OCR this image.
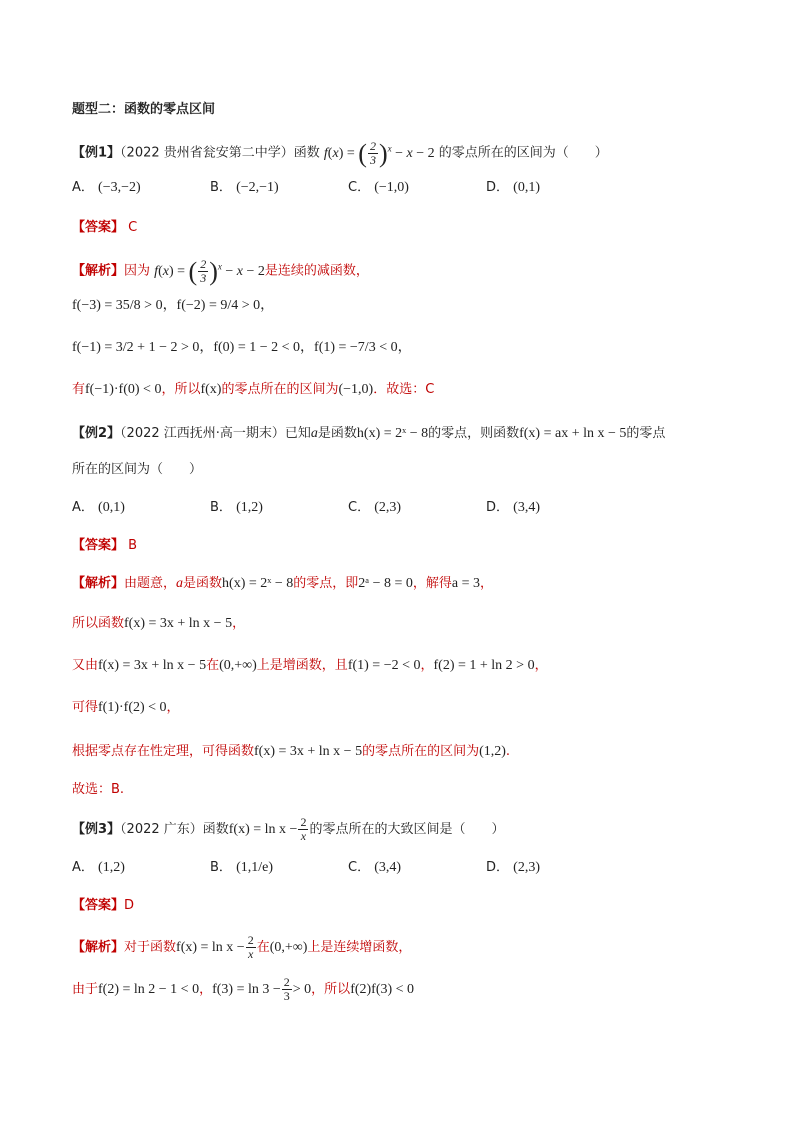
题型二：函数的零点区间
【例1】（2022 贵州省瓮安第二中学）函数 f(x) = ( $\frac{2}{3} )^x - x - 2$ 的零点所在的区间为（　　）
A． (−3,−2)	B． (−2,−1)	C． (−1,0)	D． (0,1)
【答案】 C
【解析】因为 f(x) = ( $\frac{2}{3} )^x - x - 2$是连续的减函数，
f(−3) = 35/8 > 0，f(−2) = 9/4 > 0，
f(−1) = 3/2 + 1 − 2 > 0，f(0) = 1 − 2 < 0，f(1) = −7/3 < 0，
有f(−1)·f(0) < 0，所以f(x)的零点所在的区间为(−1,0)．故选：C
【例2】（2022 江西抚州·高一期末）已知a是函数h(x) = 2ˣ − 8的零点，则函数f(x) = ax + ln x − 5的零点
所在的区间为（　　）
A． (0,1)	B． (1,2)	C． (2,3)	D． (3,4)
【答案】 B
【解析】由题意，a是函数h(x) = 2ˣ − 8的零点，即2ᵃ − 8 = 0，解得a = 3，
所以函数f(x) = 3x + ln x − 5，
又由f(x) = 3x + ln x − 5在(0,+∞)上是增函数，且f(1) = −2 < 0，f(2) = 1 + ln 2 > 0，
可得f(1)·f(2) < 0，
根据零点存在性定理，可得函数f(x) = 3x + ln x − 5的零点所在的区间为(1,2).
故选：B.
【例3】（2022 广东）函数$f(x) = \ln x - \frac{2}{x}$ 的零点所在的大致区间是（　　）
A． (1,2)	B． (1,1/e)	C． (3,4)	D． (2,3)
【答案】D
【解析】对于函数$f(x) = \ln x - \frac{2}{x}$ 在(0,+∞)上是连续增函数，
由于f(2) = ln 2 − 1 < 0，$f(3) = \ln 3 - \frac{2}{3} > 0$，所以f(2)f(3) < 0
